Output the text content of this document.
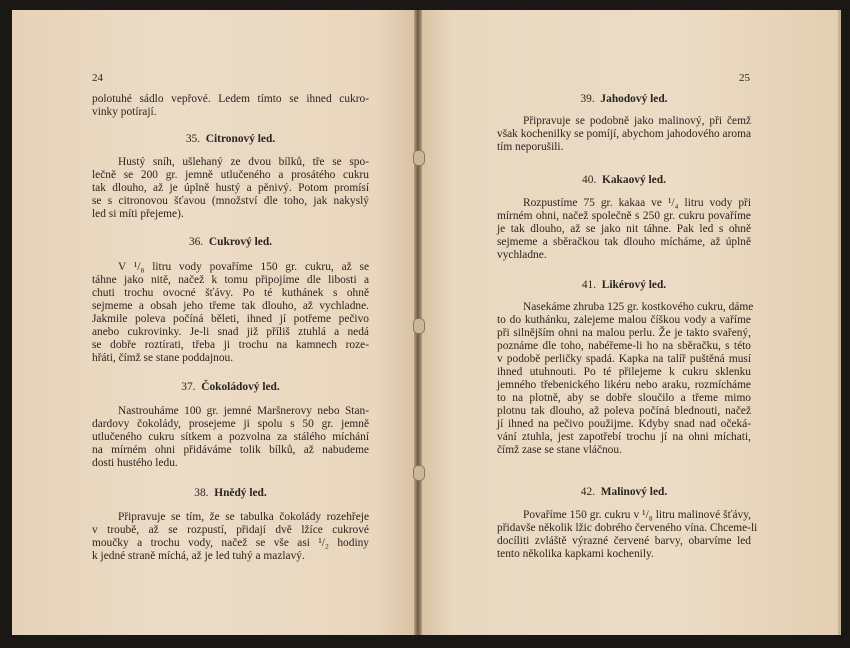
24
polotuhé sádlo vepřové. Ledem tímto se ihned cukro-
vinky potírají.
35. Citronový led.
Hustý sníh, ušlehaný ze dvou bílků, tře se spo-
lečně se 200 gr. jemně utlučeného a prosátého cukru
tak dlouho, až je úplně hustý a pěnivý. Potom promísí
se s citronovou šťavou (množství dle toho, jak nakyslý
led si míti přejeme).
36. Cukrový led.
V ¹/₈ litru vody povaříme 150 gr. cukru, až se
táhne jako nitě, načež k tomu připojíme dle libosti a
chuti trochu ovocné šťávy. Po té kuthánek s ohně
sejmeme a obsah jeho třeme tak dlouho, až vychladne.
Jakmile poleva počíná běleti, ihned jí potřeme pečivo
anebo cukrovinky. Je-li snad již příliš ztuhlá a nedá
se dobře roztírati, třeba ji trochu na kamnech roze-
hřáti, čímž se stane poddajnou.
37. Čokoládový led.
Nastrouháme 100 gr. jemné Maršnerovy nebo Stan-
dardovy čokolády, prosejeme ji spolu s 50 gr. jemně
utlučeného cukru sítkem a pozvolna za stálého míchání
na mírném ohni přidáváme tolik bílků, až nabudeme
dosti hustého ledu.
38. Hnědý led.
Připravuje se tím, že se tabulka čokolády rozehřeje
v troubě, až se rozpustí, přidají dvě lžíce cukrové
moučky a trochu vody, načež se vše asi ¹/₂ hodiny
k jedné straně míchá, až je led tuhý a mazlavý.
25
39. Jahodový led.
Připravuje se podobně jako malinový, při čemž
však kochenilky se pomíjí, abychom jahodového aroma
tím neporušili.
40. Kakaový led.
Rozpustíme 75 gr. kakaa ve ¹/₄ litru vody při
mírném ohni, načež společně s 250 gr. cukru povaříme
je tak dlouho, až se jako nit táhne. Pak led s ohně
sejmeme a sběračkou tak dlouho mícháme, až úplně
vychladne.
41. Likérový led.
Nasekáme zhruba 125 gr. kostkového cukru, dáme
to do kuthánku, zalejeme malou číškou vody a vaříme
při silnějším ohni na malou perlu. Že je takto svařený,
poznáme dle toho, nabéřeme-li ho na sběračku, s této
v podobě perličky spadá. Kapka na talíř puštěná musí
ihned utuhnouti. Po té přilejeme k cukru sklenku
jemného třebenického likéru nebo araku, rozmícháme
to na plotně, aby se dobře sloučilo a třeme mimo
plotnu tak dlouho, až poleva počíná blednouti, načež
jí ihned na pečivo použijme. Kdyby snad nad očeká-
vání ztuhla, jest zapotřebí trochu jí na ohni míchati,
čímž zase se stane vláčnou.
42. Malinový led.
Povaříme 150 gr. cukru v ¹/₈ litru malinové šťávy,
přidavše několik lžic dobrého červeného vína. Chceme-li
docíliti zvláště výrazné červené barvy, obarvíme led
tento několika kapkami kochenily.
